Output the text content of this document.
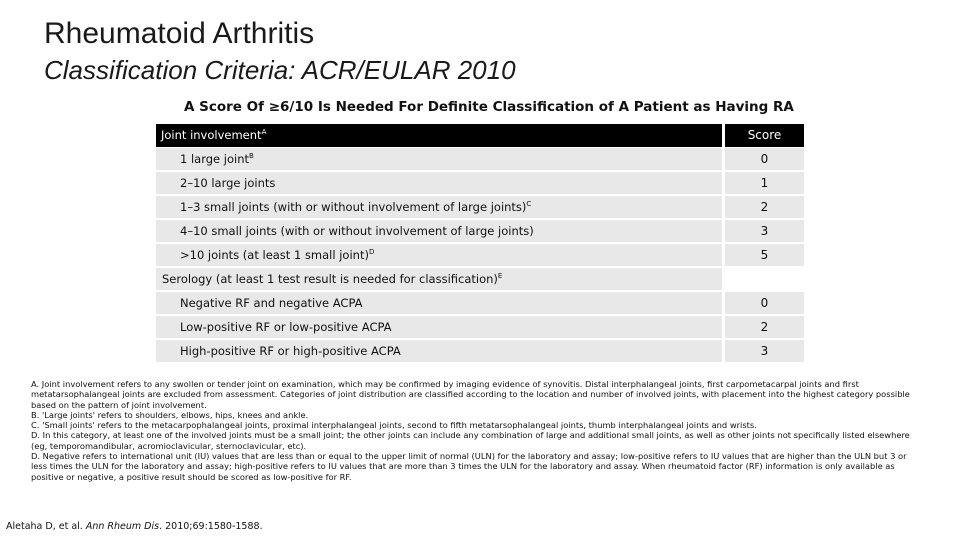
Rheumatoid Arthritis
Classification Criteria: ACR/EULAR 2010
A Score Of ≥6/10 Is Needed For Definite Classification of A Patient as Having RA
Joint involvement$^A$	Score
1 large joint$^B$	0
2–10 large joints	1
1–3 small joints (with or without involvement of large joints)$^C$	2
4–10 small joints (with or without involvement of large joints)	3
>10 joints (at least 1 small joint)$^D$	5
Serology (at least 1 test result is needed for classification)$^E$
Negative RF and negative ACPA	0
Low-positive RF or low-positive ACPA	2
High-positive RF or high-positive ACPA	3

A. Joint involvement refers to any swollen or tender joint on examination, which may be confirmed by imaging evidence of synovitis. Distal interphalangeal joints, first carpometacarpal joints and first metatarsophalangeal joints are excluded from assessment. Categories of joint distribution are classified according to the location and number of involved joints, with placement into the highest category possible based on the pattern of joint involvement.

B. 'Large joints' refers to shoulders, elbows, hips, knees and ankle.

C. 'Small joints' refers to the metacarpophalangeal joints, proximal interphalangeal joints, second to fifth metatarsophalangeal joints, thumb interphalangeal joints and wrists.

D. In this category, at least one of the involved joints must be a small joint; the other joints can include any combination of large and additional small joints, as well as other joints not specifically listed elsewhere (eg, temporomandibular, acromioclavicular, sternoclavicular, etc).

D. Negative refers to international unit (IU) values that are less than or equal to the upper limit of normal (ULN) for the laboratory and assay; low-positive refers to IU values that are higher than the ULN but 3 or less times the ULN for the laboratory and assay; high-positive refers to IU values that are more than 3 times the ULN for the laboratory and assay. When rheumatoid factor (RF) information is only available as positive or negative, a positive result should be scored as low-positive for RF.

Aletaha D, et al. Ann Rheum Dis. 2010;69:1580-1588.
